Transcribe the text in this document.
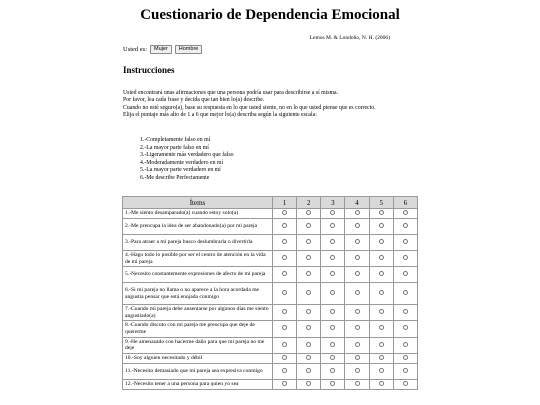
Cuestionario de Dependencia Emocional
Lemos M. & Londoño, N. H. (2006)
Usted es:	Mujer	Hombre
Instrucciones

Usted encontrará unas afirmaciones que una persona podría usar para describirse a sí misma.

Por favor, lea cada frase y decida que tan bien lo(a) describe.

Cuando no esté seguro(a), base su respuesta en lo que usted siente, no en lo que usted piense que es correcto.

Elija el puntaje más alto de 1 a 6 que mejor lo(a) describa según la siguiente escala:

1.-Completamente falso en mí
2.-La mayor parte falso en mí
3.-Ligeramente más verdadero que falso
4.-Moderadamente verdadero en mí
5.-La mayor parte verdadero en mí
6.-Me describe Perfectamente
Ítems	1	2	3	4	5	6
1.-Me siento desamparado(a) cuando estoy solo(a)						
2.-Me preocupa la idea de ser abandonado(a) por mi pareja						
3.-Para atraer a mi pareja busco deslumbrarla o divertirla						
4.-Hago todo lo posible por ser el centro de atención en la vida de mi pareja						
5.-Necesito constantemente expresiones de afecto de mi pareja						
6.-Si mi pareja no llama o no aparece a la hora acordada me angustia pensar que está enojada conmigo						
7.-Cuando mi pareja debe ausentarse por algunos días me siento angustiado(a)						
8.-Cuando discuto con mi pareja me preocupa que deje de quererme						
9.-He amenazado con hacerme daño para que mi pareja no me deje						
10.-Soy alguien necesitado y débil						
11.-Necesito demasiado que mi pareja sea expresiva conmigo						
12.-Necesito tener a una persona para quien yo sea						
